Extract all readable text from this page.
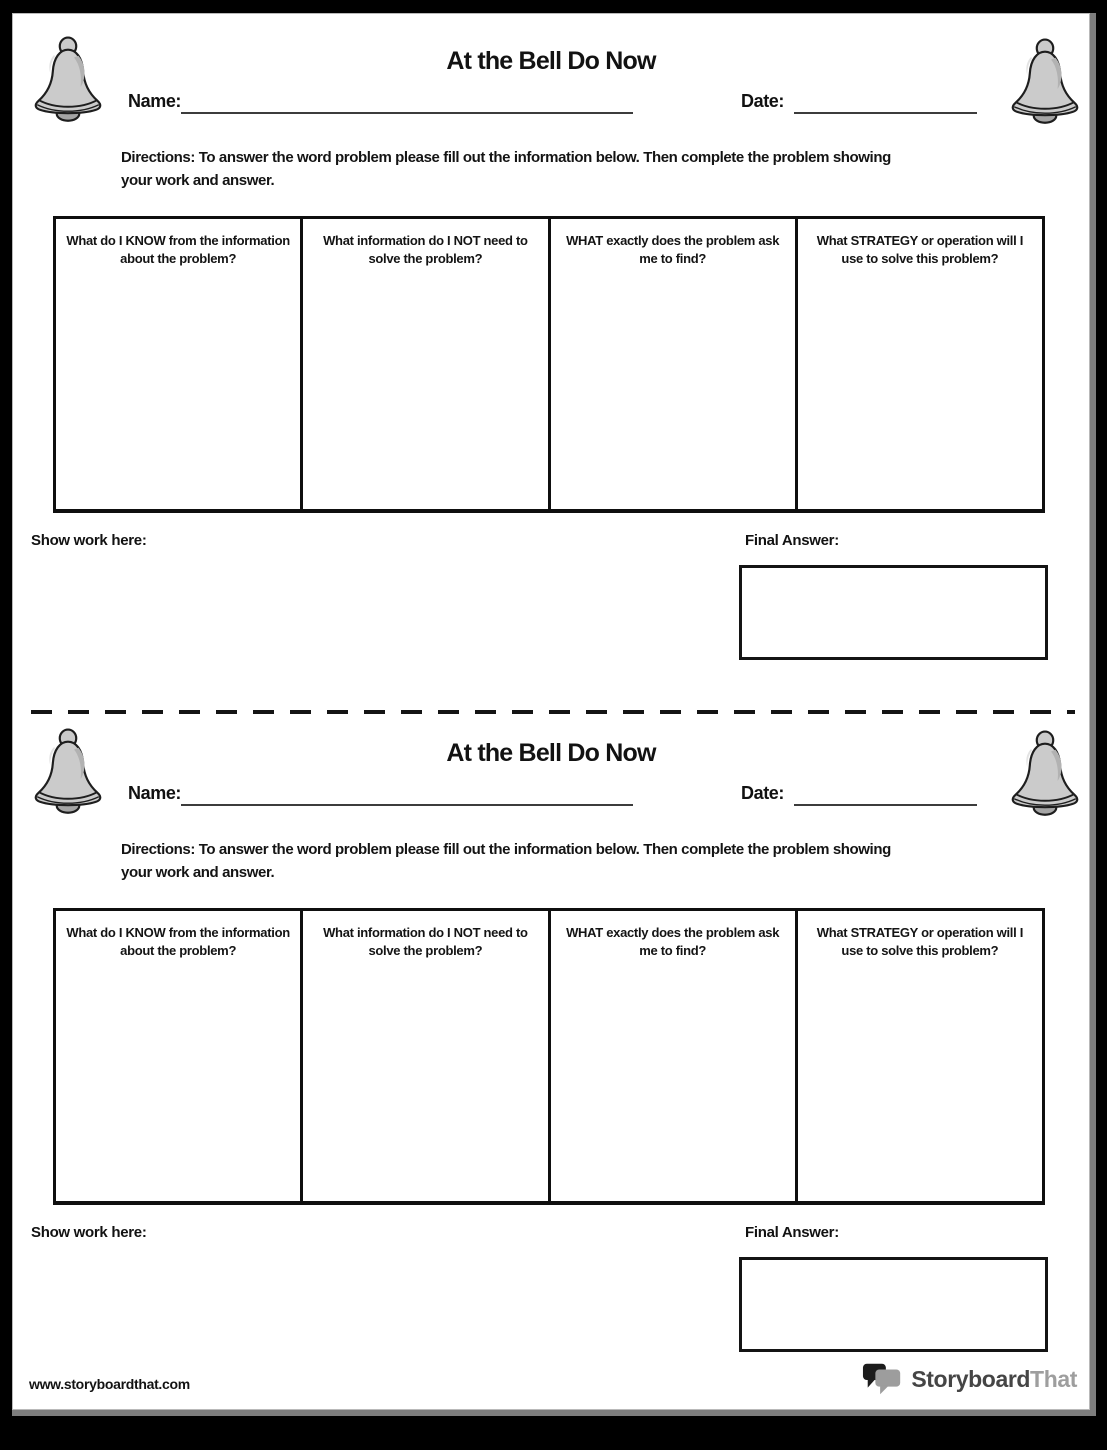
At the Bell Do Now
Name:	Date:
Directions: To answer the word problem please fill out the information below. Then complete the problem showing
your work and answer.
What do I KNOW from the information about the problem?
What information do I NOT need to solve the problem?
WHAT exactly does the problem ask me to find?
What STRATEGY or operation will I use to solve this problem?
Show work here:	Final Answer:
At the Bell Do Now
Name:	Date:
Directions: To answer the word problem please fill out the information below. Then complete the problem showing
your work and answer.
What do I KNOW from the information about the problem?
What information do I NOT need to solve the problem?
WHAT exactly does the problem ask me to find?
What STRATEGY or operation will I use to solve this problem?
Show work here:	Final Answer:
www.storyboardthat.com	StoryboardThat
